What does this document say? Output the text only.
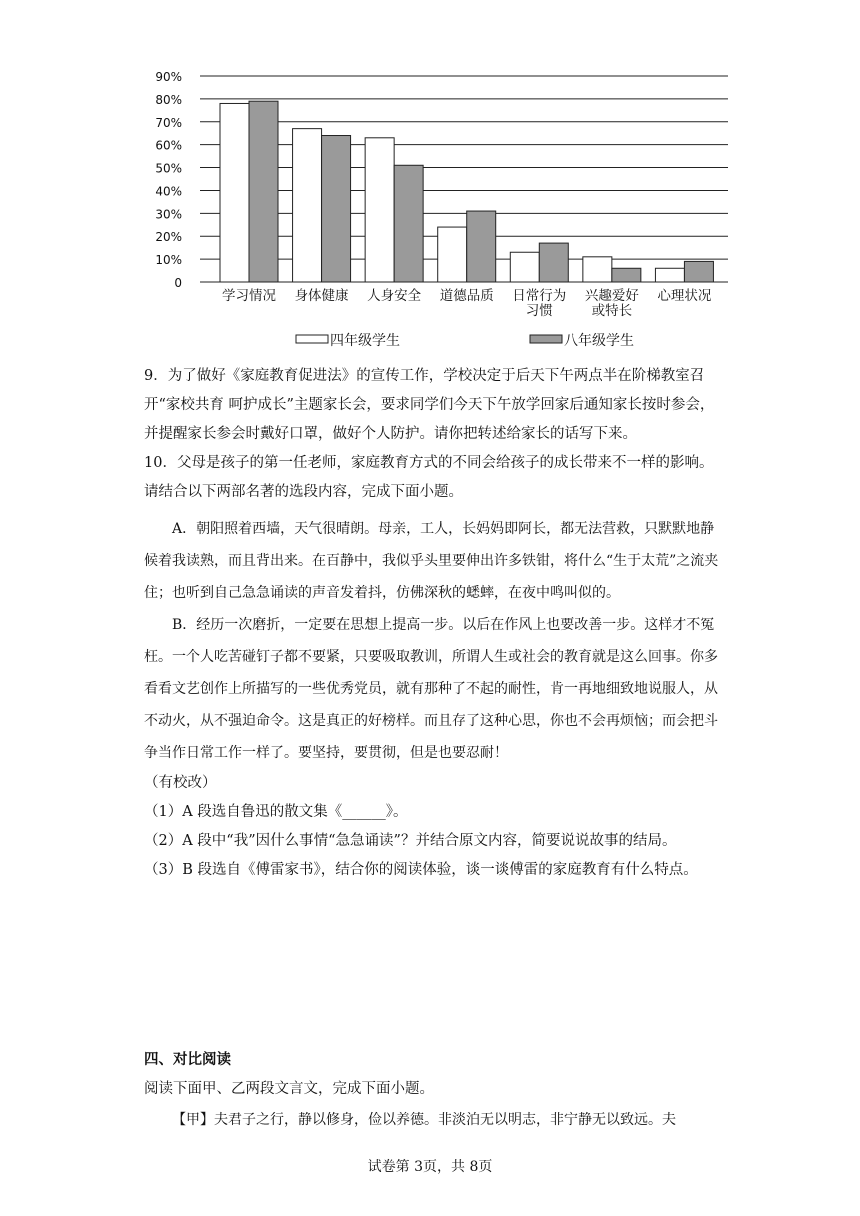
0
10%
20%
30%
40%
50%
60%
70%
80%
90%
学习情况 身体健康 人身安全 道德品质 日常行为
习惯
兴趣爱好
或特长
心理状况
四年级学生	八年级学生

9．为了做好《家庭教育促进法》的宣传工作，学校决定于后天下午两点半在阶梯教室召开“家校共育 呵护成长”主题家长会，要求同学们今天下午放学回家后通知家长按时参会，并提醒家长参会时戴好口罩，做好个人防护。请你把转述给家长的话写下来。

10．父母是孩子的第一任老师，家庭教育方式的不同会给孩子的成长带来不一样的影响。请结合以下两部名著的选段内容，完成下面小题。

A．朝阳照着西墙，天气很晴朗。母亲，工人，长妈妈即阿长，都无法营救，只默默地静候着我读熟，而且背出来。在百静中，我似乎头里要伸出许多铁钳，将什么“生于太荒”之流夹住；也听到自己急急诵读的声音发着抖，仿佛深秋的蟋蟀，在夜中鸣叫似的。

B．经历一次磨折，一定要在思想上提高一步。以后在作风上也要改善一步。这样才不冤枉。一个人吃苦碰钉子都不要紧，只要吸取教训，所谓人生或社会的教育就是这么回事。你多看看文艺创作上所描写的一些优秀党员，就有那种了不起的耐性，肯一再地细致地说服人，从不动火，从不强迫命令。这是真正的好榜样。而且存了这种心思，你也不会再烦恼；而会把斗争当作日常工作一样了。要坚持，要贯彻，但是也要忍耐！

（有校改）

（1）A 段选自鲁迅的散文集《______》。

（2）A 段中“我”因什么事情“急急诵读”？并结合原文内容，简要说说故事的结局。

（3）B 段选自《傅雷家书》，结合你的阅读体验，谈一谈傅雷的家庭教育有什么特点。

四、对比阅读

阅读下面甲、乙两段文言文，完成下面小题。

【甲】夫君子之行，静以修身，俭以养德。非淡泊无以明志，非宁静无以致远。夫

试卷第 3页，共 8页
